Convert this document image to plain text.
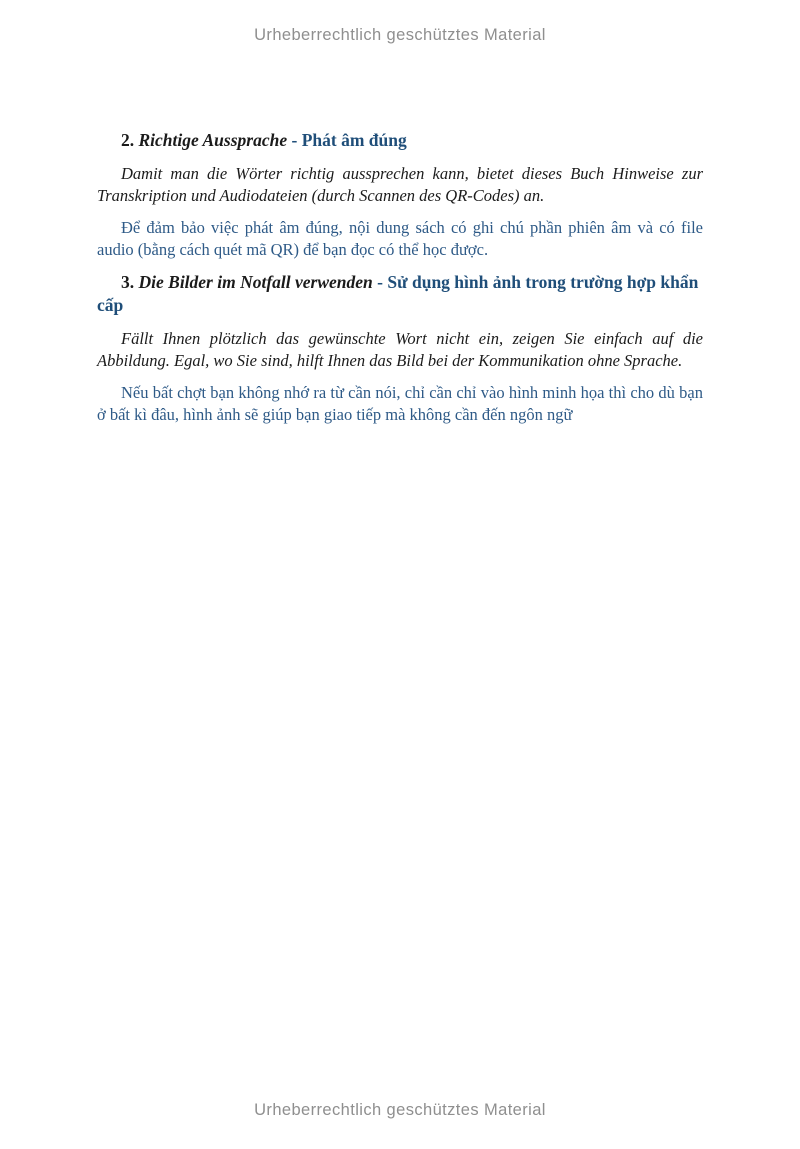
Urheberrechtlich geschütztes Material
2. Richtige Aussprache - Phát âm đúng

Damit man die Wörter richtig aussprechen kann, bietet dieses Buch Hinweise zur Transkription und Audiodateien (durch Scannen des QR-Codes) an.

Để đảm bảo việc phát âm đúng, nội dung sách có ghi chú phần phiên âm và có file audio (bằng cách quét mã QR) để bạn đọc có thể học được.

3. Die Bilder im Notfall verwenden - Sử dụng hình ảnh trong trường hợp khẩn cấp

Fällt Ihnen plötzlich das gewünschte Wort nicht ein, zeigen Sie einfach auf die Abbildung. Egal, wo Sie sind, hilft Ihnen das Bild bei der Kommunikation ohne Sprache.

Nếu bất chợt bạn không nhớ ra từ cần nói, chỉ cần chỉ vào hình minh họa thì cho dù bạn ở bất kì đâu, hình ảnh sẽ giúp bạn giao tiếp mà không cần đến ngôn ngữ

Urheberrechtlich geschütztes Material
